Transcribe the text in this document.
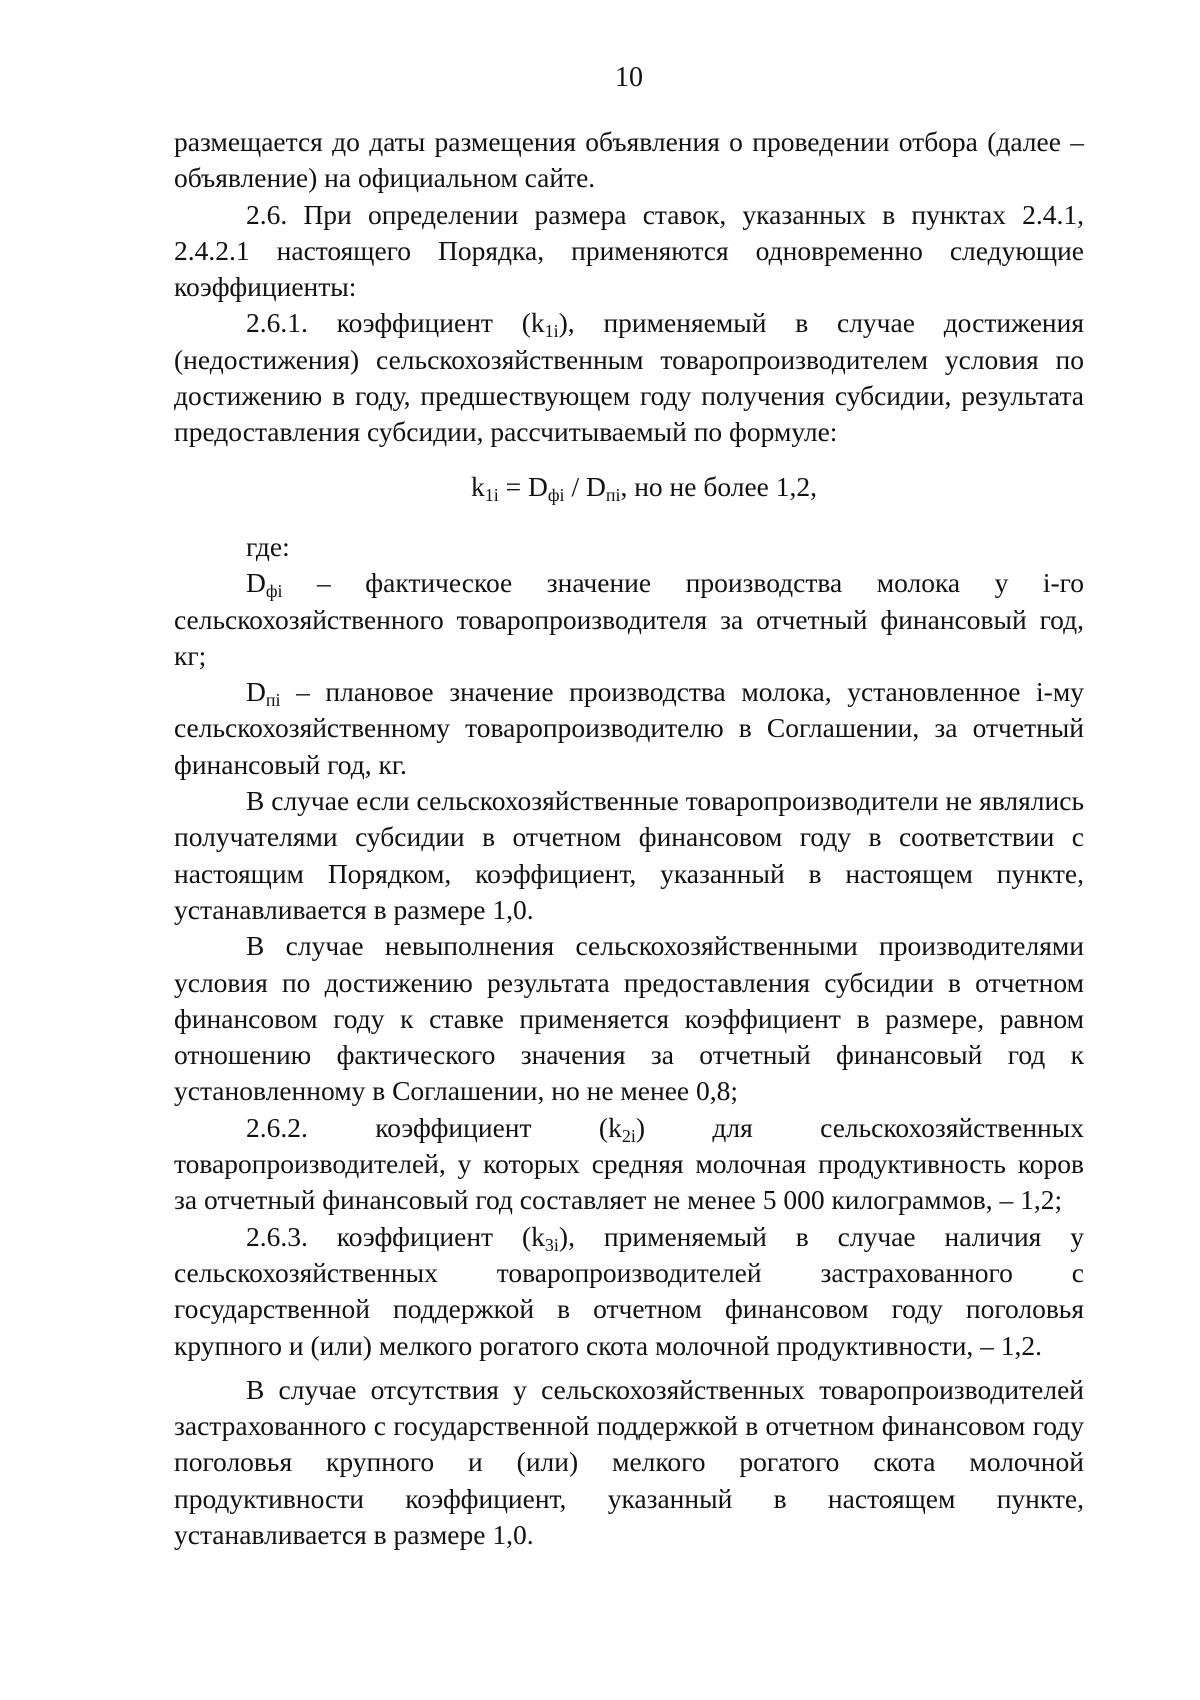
10

размещается до даты размещения объявления о проведении отбора (далее – объявление) на официальном сайте.

2.6. При определении размера ставок, указанных в пунктах 2.4.1, 2.4.2.1 настоящего Порядка, применяются одновременно следующие коэффициенты:

2.6.1. коэффициент $(k_{1i})$, применяемый в случае достижения (недостижения) сельскохозяйственным товаропроизводителем условия по достижению в году, предшествующем году получения субсидии, результата предоставления субсидии, рассчитываемый по формуле:

$k_{1i} = D_{фi} / D_{пi}$, но не более 1,2,

где:

$D_{фi}$ – фактическое значение производства молока у i-го сельскохозяйственного товаропроизводителя за отчетный финансовый год, кг;

$D_{пi}$ – плановое значение производства молока, установленное i-му сельскохозяйственному товаропроизводителю в Соглашении, за отчетный финансовый год, кг.

В случае если сельскохозяйственные товаропроизводители не являлись получателями субсидии в отчетном финансовом году в соответствии с настоящим Порядком, коэффициент, указанный в настоящем пункте, устанавливается в размере 1,0.

В случае невыполнения сельскохозяйственными производителями условия по достижению результата предоставления субсидии в отчетном финансовом году к ставке применяется коэффициент в размере, равном отношению фактического значения за отчетный финансовый год к установленному в Соглашении, но не менее 0,8;

2.6.2. коэффициент $(k_{2i})$ для сельскохозяйственных товаропроизводителей, у которых средняя молочная продуктивность коров за отчетный финансовый год составляет не менее 5 000 килограммов, – 1,2;

2.6.3. коэффициент $(k_{3i})$, применяемый в случае наличия у сельскохозяйственных товаропроизводителей застрахованного с государственной поддержкой в отчетном финансовом году поголовья крупного и (или) мелкого рогатого скота молочной продуктивности, – 1,2.

В случае отсутствия у сельскохозяйственных товаропроизводителей застрахованного с государственной поддержкой в отчетном финансовом году поголовья крупного и (или) мелкого рогатого скота молочной продуктивности коэффициент, указанный в настоящем пункте, устанавливается в размере 1,0.
